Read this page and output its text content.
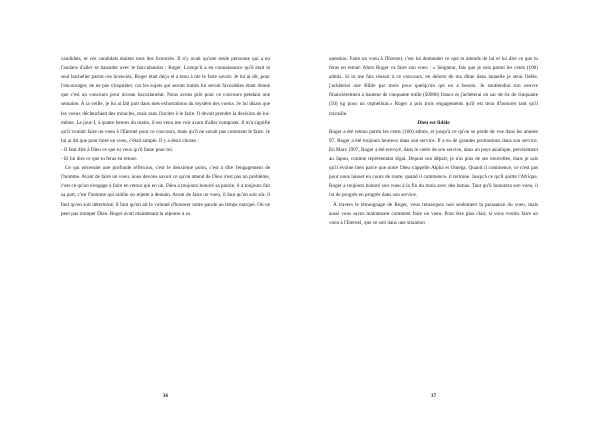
candidats, et ces candidats étaient tous des licenciés. Il n'y avait qu'une seule personne qui a eu l'audace d'aller se hasarder avec le baccalauréat : Roger. Lorsqu'il a eu connaissance qu'il était le seul bachelier parmi ces licenciés, Roger était déçu et a tenu à me le faire savoir. Je lui ai dit, pour l'encourager, de ne pas s'inquiéter, car les sujets qui seront traités lui seront favorables étant donné que c'est un concours pour niveau baccalauréat. Nous avons prié pour ce concours pendant une semaine. À la veille, je lui ai fait part dans mes exhortations du mystère des voeux. Je lui disais que les voeux déclenchent des miracles, mais sans l'inciter à le faire. Il devait prendre la décision de lui-même. Le jour-J, à quatre heures du matin, il est venu me voir avant d'aller composer. Il m'a signifié qu'il voulait faire un voeu à l'Eternel pour ce concours, mais qu'il ne savait pas comment le faire. Je lui ai dit que pour faire un voeu, c'était simple. Il y a deux choses :

- Il faut dire à Dieu ce que tu veux qu'il fasse pour toi.

- Et lui dire ce que tu feras en retour.

Ce qui nécessite une profonde réflexion, c'est le deuxième point, c'est à dire l'engagement de l'homme. Avant de faire un voeu, nous devons savoir ce qu'on attend de Dieu n'est pas un problème, c'est ce qu'on s'engage à faire en retour qui en un. Dieu a toujours honoré sa parole, il a toujours fait sa part, c'est l'homme qui oublie ou rejette à demain. Avant de faire un voeu, il faut qu'on soit sûr, il faut qu'on soit déterminé, il faut qu'on ait la volonté d'honorer notre parole au temps marqué. On ne peut pas tromper Dieu. Roger avait maintenant la réponse à sa

36

question. Faire un voeu à l'Eternel, c'est lui demander ce que tu attends de lui et lui dire ce que tu feras en retour. Alors Roger va faire son voeu : « Seigneur, fais que je sois parmi les cents (100) admis. Si tu me fais réussir à ce concours, en dehors de ma dîme dans laquelle je serai fidèle, j'achèterai une Bible par mois pour quelqu'un qui en a besoin. Je soutiendrai ton oeuvre financièrement à hauteur de cinquante mille (50000) francs et j'achèterai un sac de riz de cinquante (50) kg pour un orphelinat.» Roger a pris trois engagements qu'il est tenu d'honorer tant qu'il travaille.

Dieu est fidèle

Roger a été retenu parmi les cents (100) admis, et jusqu'à ce qu'on se perde de vue dans les années 97, Roger a été toujours heureux dans son service. Il a eu de grandes promotions dans son service. En Mars 1997, Roger a été envoyé, dans le cadre de son service, dans un pays asiatique, précisément au Japon, comme représentant légal. Depuis son départ, je n'ai plus de ses nouvelles, mais je sais qu'il évolue bien parce que notre Dieu s'appelle Alpha et Oméga. Quand il commence, ce n'est pas pour nous laisser en cours de route, quand il commence, il termine. Jusqu'à ce qu'il quitte l'Afrique, Roger a toujours honoré son voeu à la fin du mois avec des bonus. Tant qu'il honorera son voeu, il ira de progrès en progrès dans son service.

À travers le témoignage de Roger, vous remarquez non seulement la puissance du voeu, mais aussi vous savez maintenant comment faire un voeu. Pour être plus clair, si vous voulez faire un voeu à l'Eternel, que ce soit dans une situation

37
